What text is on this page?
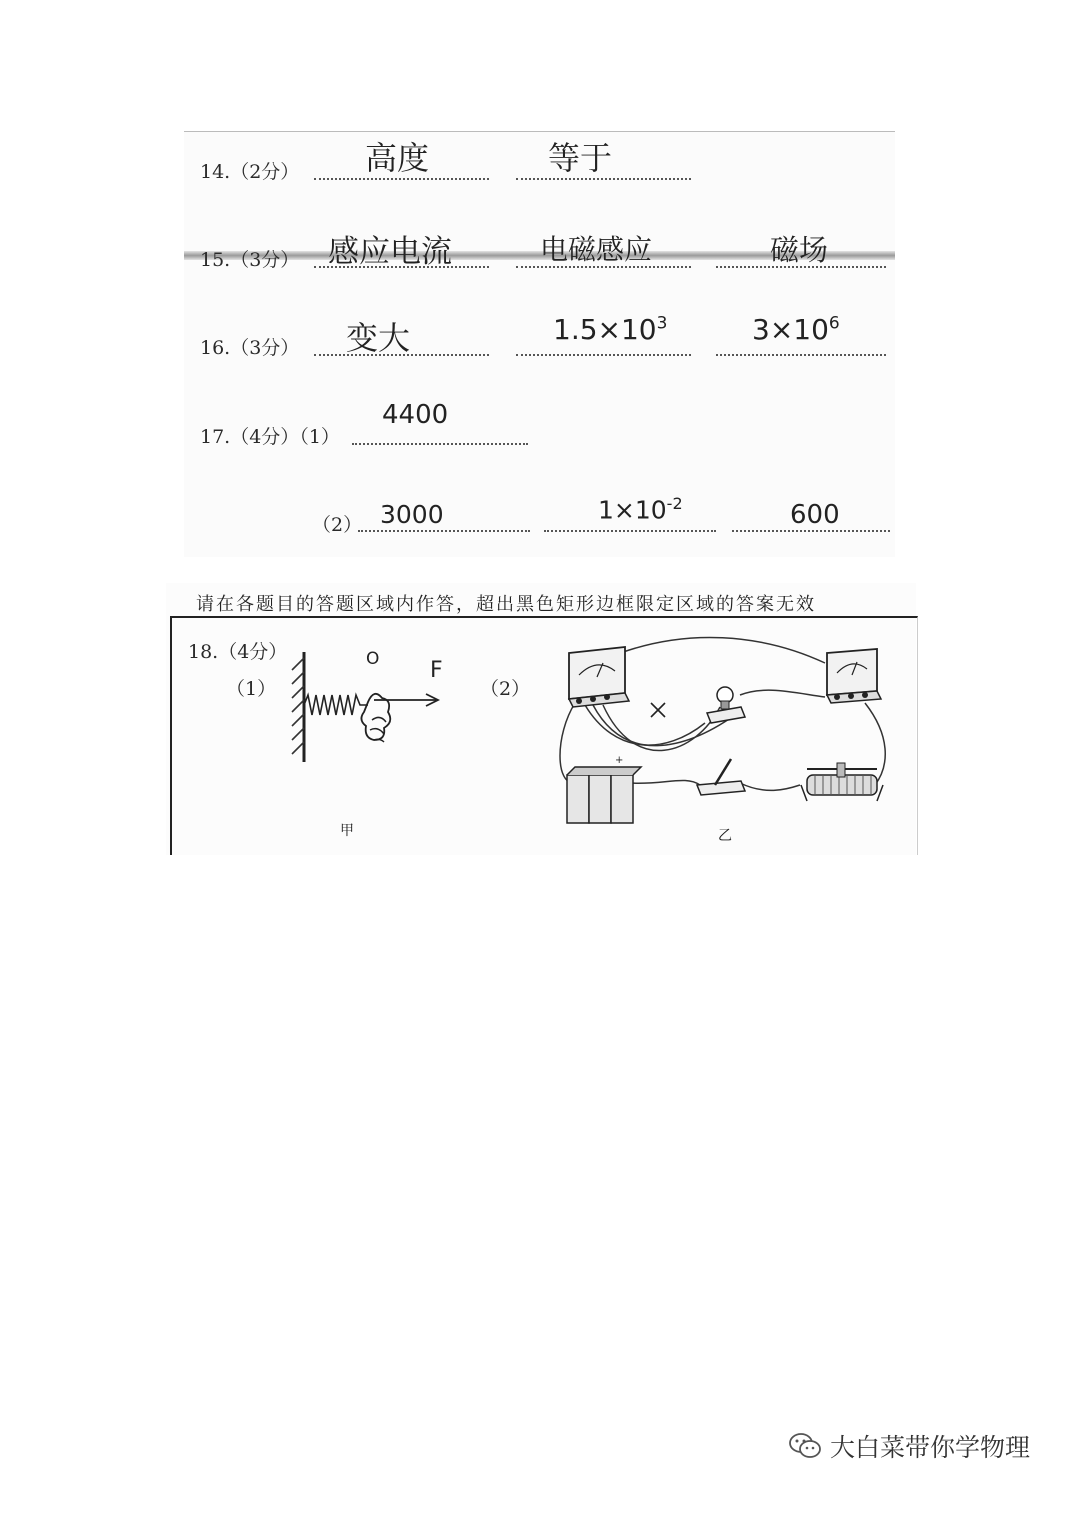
14.（2分） 高度	等于
15.（3分） 感应电流	电磁感应	磁场
16.（3分） 变大	$1.5\times 10^3$	$3\times 10^6$
17.（4分）（1）
4400
（2） 3000	$1\times 10^{-2}$	600
请在各题目的答题区域内作答，超出黑色矩形边框限定区域的答案无效
18.（4分）
（1）	（2）
O F
甲
+
乙
大白菜带你学物理
